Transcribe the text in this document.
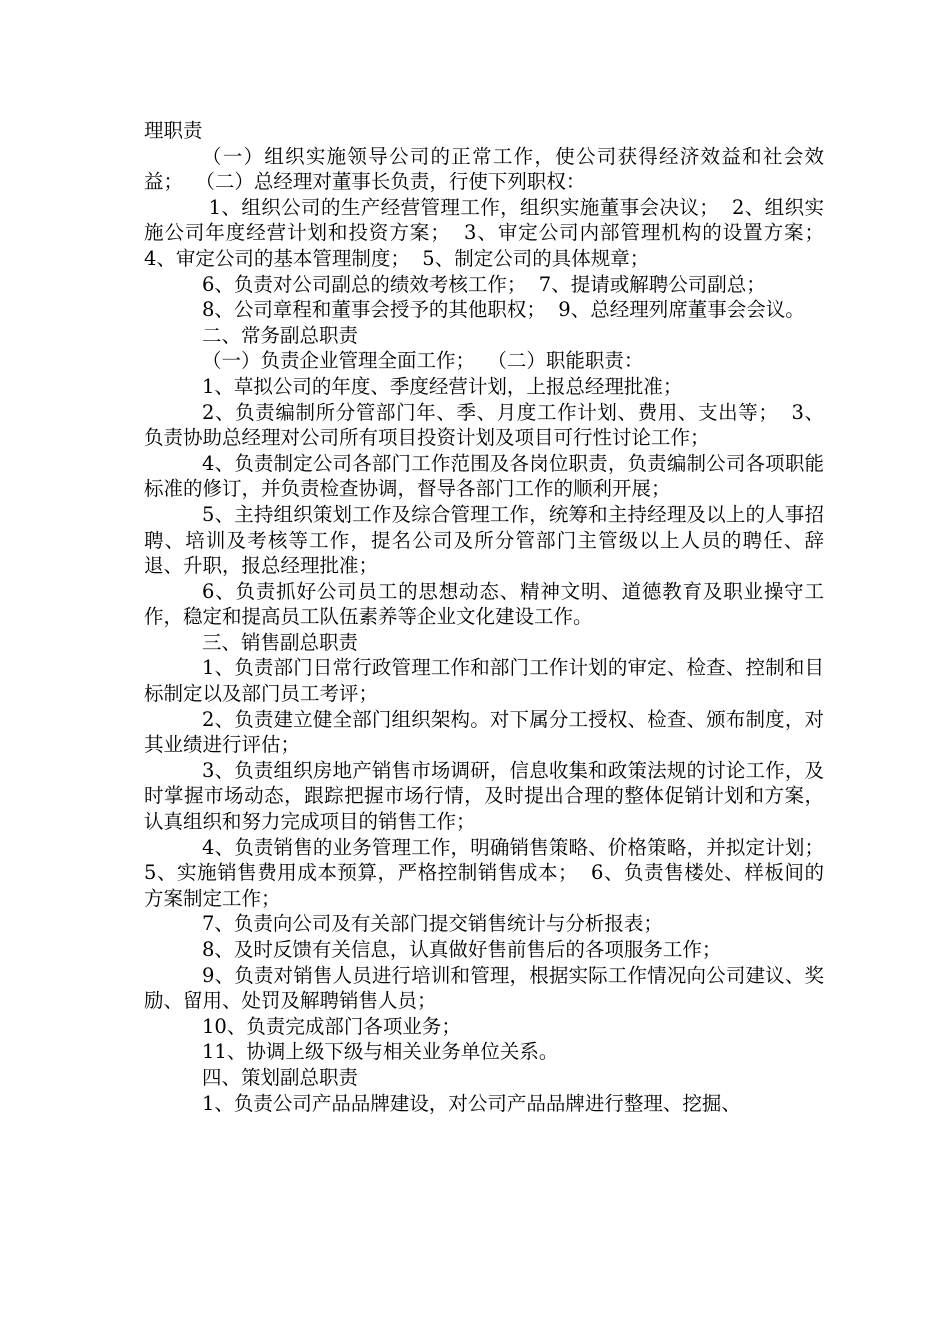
理职责

（一）组织实施领导公司的正常工作，使公司获得经济效益和社会效益；  （二）总经理对董事长负责，行使下列职权：

1、组织公司的生产经营管理工作，组织实施董事会决议；  2、组织实施公司年度经营计划和投资方案；  3、审定公司内部管理机构的设置方案；  4、审定公司的基本管理制度；  5、制定公司的具体规章；

6、负责对公司副总的绩效考核工作；  7、提请或解聘公司副总；

8、公司章程和董事会授予的其他职权；  9、总经理列席董事会会议。

二、常务副总职责

（一）负责企业管理全面工作；  （二）职能职责：

1、草拟公司的年度、季度经营计划，上报总经理批准；

2、负责编制所分管部门年、季、月度工作计划、费用、支出等；  3、负责协助总经理对公司所有项目投资计划及项目可行性讨论工作；

4、负责制定公司各部门工作范围及各岗位职责，负责编制公司各项职能标准的修订，并负责检查协调，督导各部门工作的顺利开展；

5、主持组织策划工作及综合管理工作，统筹和主持经理及以上的人事招聘、培训及考核等工作，提名公司及所分管部门主管级以上人员的聘任、辞退、升职，报总经理批准；

6、负责抓好公司员工的思想动态、精神文明、道德教育及职业操守工作，稳定和提高员工队伍素养等企业文化建设工作。

三、销售副总职责

1、负责部门日常行政管理工作和部门工作计划的审定、检查、控制和目标制定以及部门员工考评；

2、负责建立健全部门组织架构。对下属分工授权、检查、颁布制度，对其业绩进行评估；

3、负责组织房地产销售市场调研，信息收集和政策法规的讨论工作，及时掌握市场动态，跟踪把握市场行情，及时提出合理的整体促销计划和方案，认真组织和努力完成项目的销售工作；

4、负责销售的业务管理工作，明确销售策略、价格策略，并拟定计划；  5、实施销售费用成本预算，严格控制销售成本；  6、负责售楼处、样板间的方案制定工作；

7、负责向公司及有关部门提交销售统计与分析报表；

8、及时反馈有关信息，认真做好售前售后的各项服务工作；

9、负责对销售人员进行培训和管理，根据实际工作情况向公司建议、奖励、留用、处罚及解聘销售人员；

10、负责完成部门各项业务；

11、协调上级下级与相关业务单位关系。

四、策划副总职责

1、负责公司产品品牌建设，对公司产品品牌进行整理、挖掘、
